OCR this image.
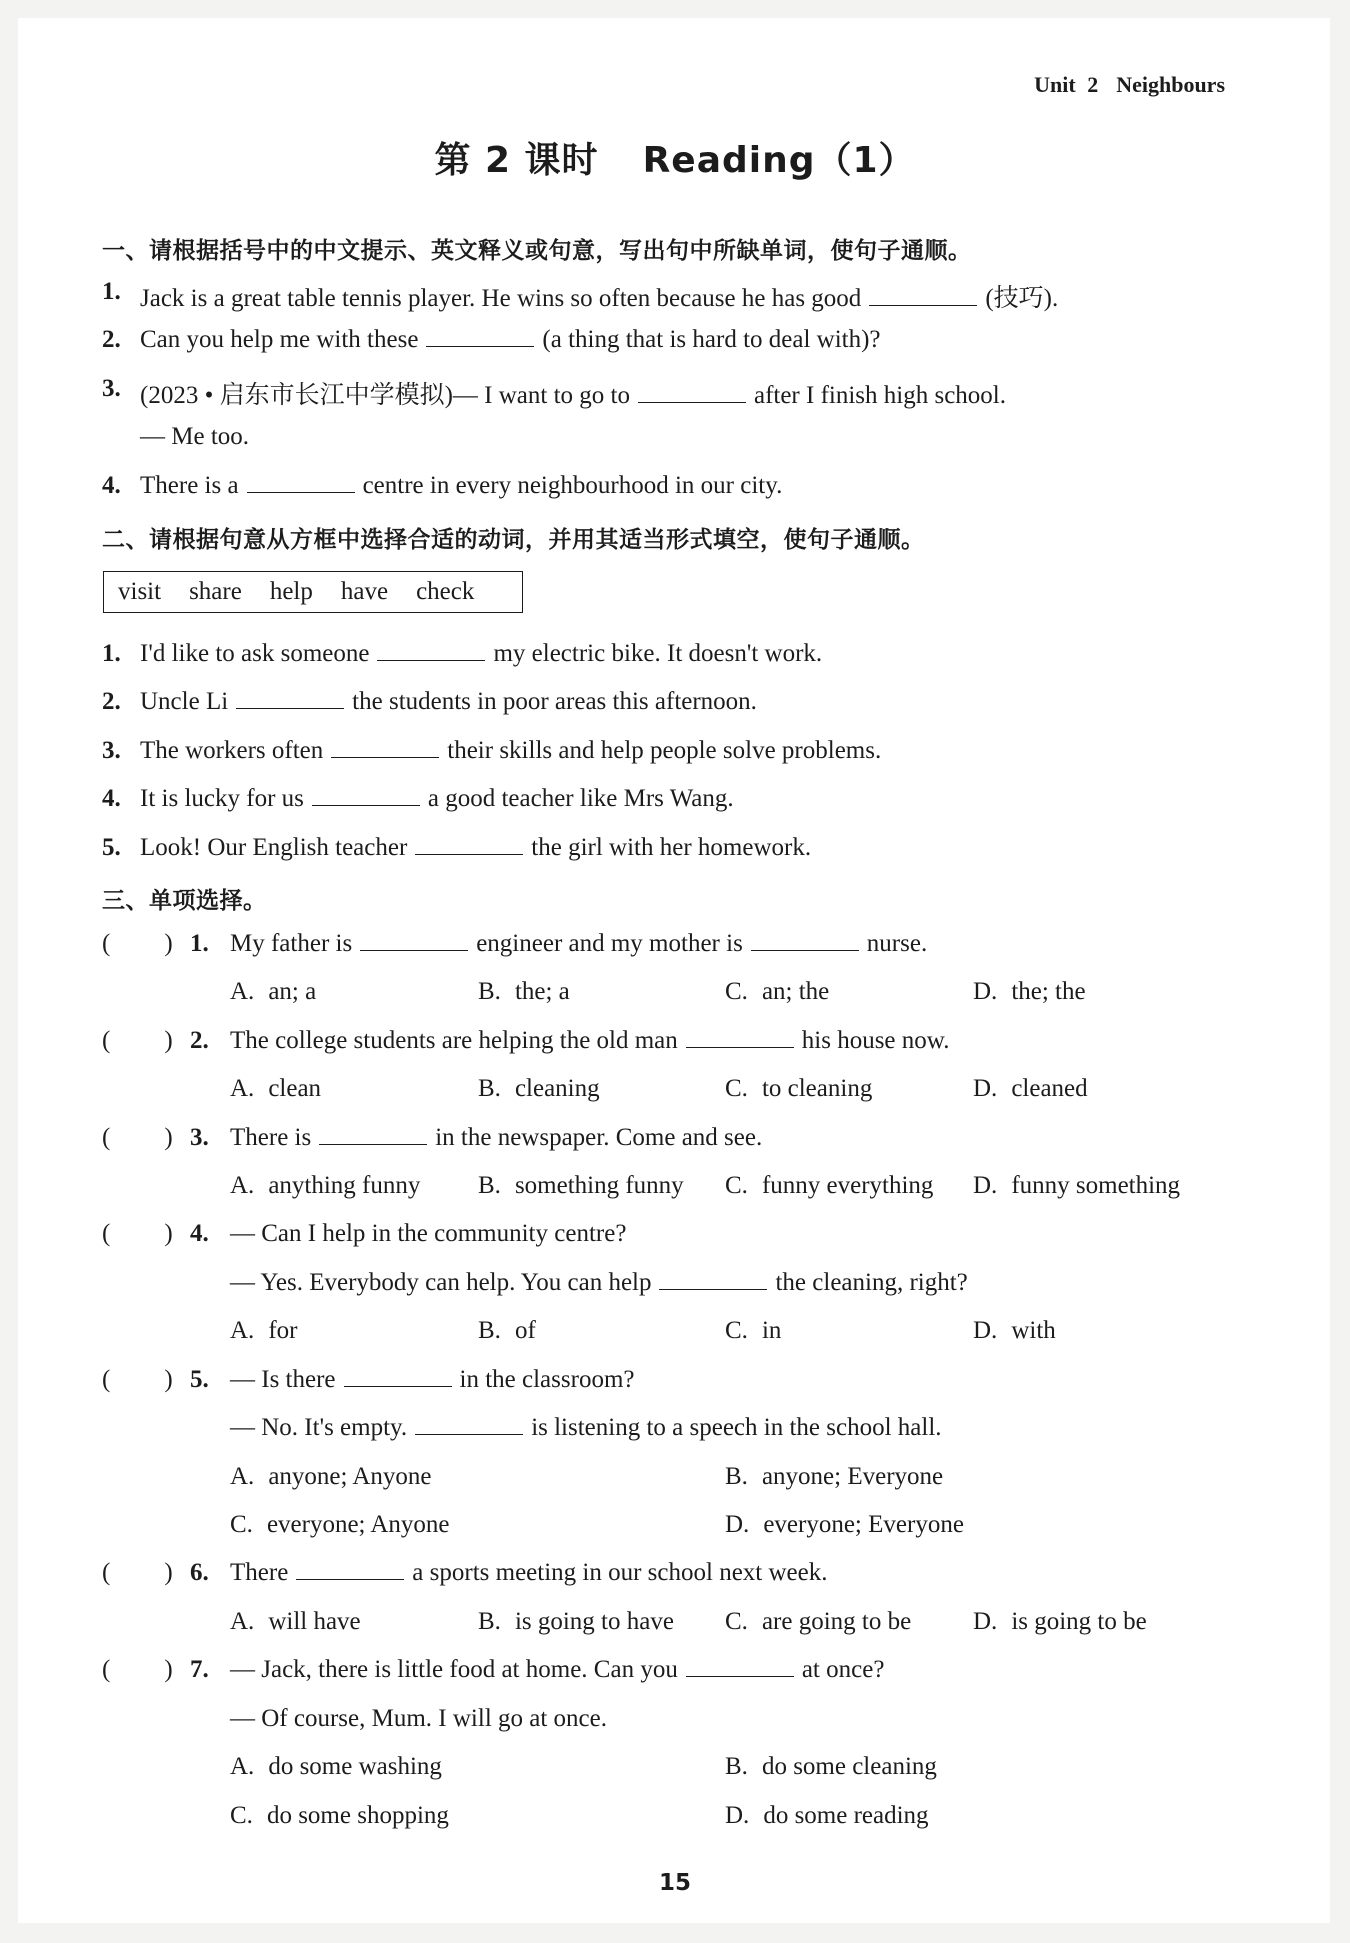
Unit 2 Neighbours
第 2 课时 Reading（1）
一、请根据括号中的中文提示、英文释义或句意，写出句中所缺单词，使句子通顺。
1. Jack is a great table tennis player. He wins so often because he has good	(技巧).
2. Can you help me with these	(a thing that is hard to deal with)?
3. (2023 • 启东市长江中学模拟)— I want to go to	after I finish high school.
— Me too.
4. There is a	centre in every neighbourhood in our city.
二、请根据句意从方框中选择合适的动词，并用其适当形式填空，使句子通顺。
visit share help have check
1. I'd like to ask someone	my electric bike. It doesn't work.
2. Uncle Li	the students in poor areas this afternoon.
3. The workers often	their skills and help people solve problems.
4. It is lucky for us	a good teacher like Mrs Wang.
5. Look! Our English teacher	the girl with her homework.
三、单项选择。
( ) 1. My father is	engineer and my mother is	nurse.
A. an; a	B. the; a	C. an; the	D. the; the
( ) 2. The college students are helping the old man	his house now.
A. clean	B. cleaning	C. to cleaning	D. cleaned
( ) 3. There is	in the newspaper. Come and see.
A. anything funny B. something funny C. funny everything D. funny something
( ) 4. — Can I help in the community centre?
— Yes. Everybody can help. You can help	the cleaning, right?
A. for	B. of	C. in	D. with
( ) 5. — Is there	in the classroom?
— No. It's empty.	is listening to a speech in the school hall.
A. anyone; Anyone	B. anyone; Everyone
C. everyone; Anyone	D. everyone; Everyone
( ) 6. There	a sports meeting in our school next week.
A. will have	B. is going to have C. are going to be D. is going to be
( ) 7. — Jack, there is little food at home. Can you	at once?
— Of course, Mum. I will go at once.
A. do some washing	B. do some cleaning
C. do some shopping	D. do some reading
15
